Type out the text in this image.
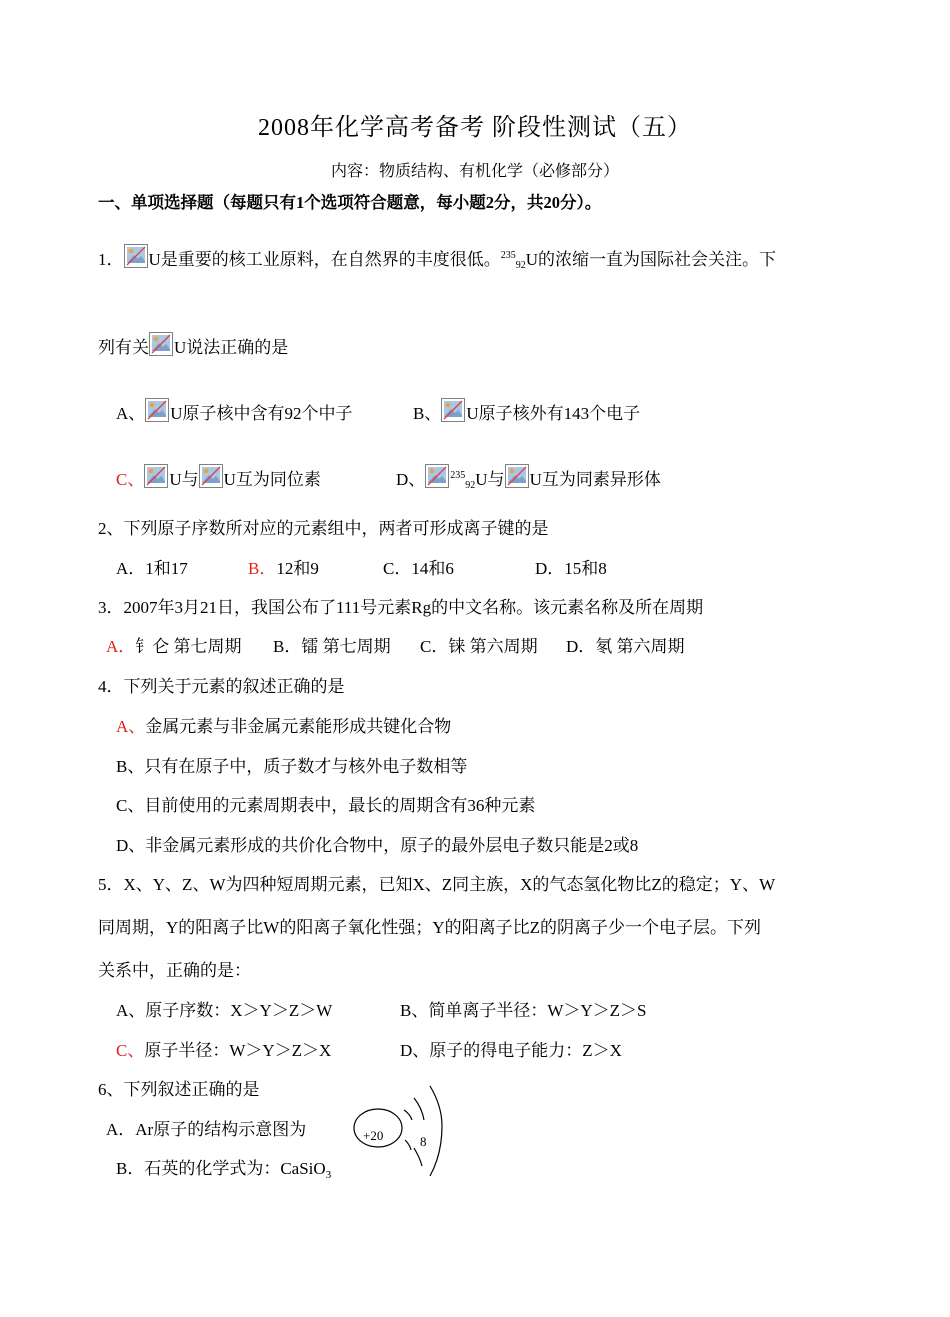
2008年化学高考备考 阶段性测试（五）
内容：物质结构、有机化学（必修部分）
一、单项选择题（每题只有1个选项符合题意，每小题2分，共20分）。
1． U是重要的核工业原料，在自然界的丰度很低。$^{235}$92U的浓缩一直为国际社会关注。下
列有关 U说法正确的是
A、 U原子核中含有92个中子	B、 U原子核外有143个电子
C、 U与 U互为同位素	D、	$^{235}$92U与 U互为同素异形体
2、下列原子序数所对应的元素组中，两者可形成离子键的是
A．1和17	B．12和9	C．14和6	D．15和8
3．2007年3月21日，我国公布了111号元素Rg的中文名称。该元素名称及所在周期
A．钅仑 第七周期 B．镭 第七周期 C．铼 第六周期 D．氡 第六周期
4．下列关于元素的叙述正确的是
A、金属元素与非金属元素能形成共键化合物
B、只有在原子中，质子数才与核外电子数相等
C、目前使用的元素周期表中，最长的周期含有36种元素
D、非金属元素形成的共价化合物中，原子的最外层电子数只能是2或8
5．X、Y、Z、W为四种短周期元素，已知X、Z同主族，X的气态氢化物比Z的稳定；Y、W
同周期，Y的阳离子比W的阳离子氧化性强；Y的阳离子比Z的阴离子少一个电子层。下列
关系中，正确的是：
A、原子序数：X＞Y＞Z＞W	B、简单离子半径：W＞Y＞Z＞S
C、原子半径：W＞Y＞Z＞X	D、原子的得电子能力：Z＞X
6、下列叙述正确的是
A．Ar原子的结构示意图为
B．石英的化学式为：CaSiO$_3$
+20	8
